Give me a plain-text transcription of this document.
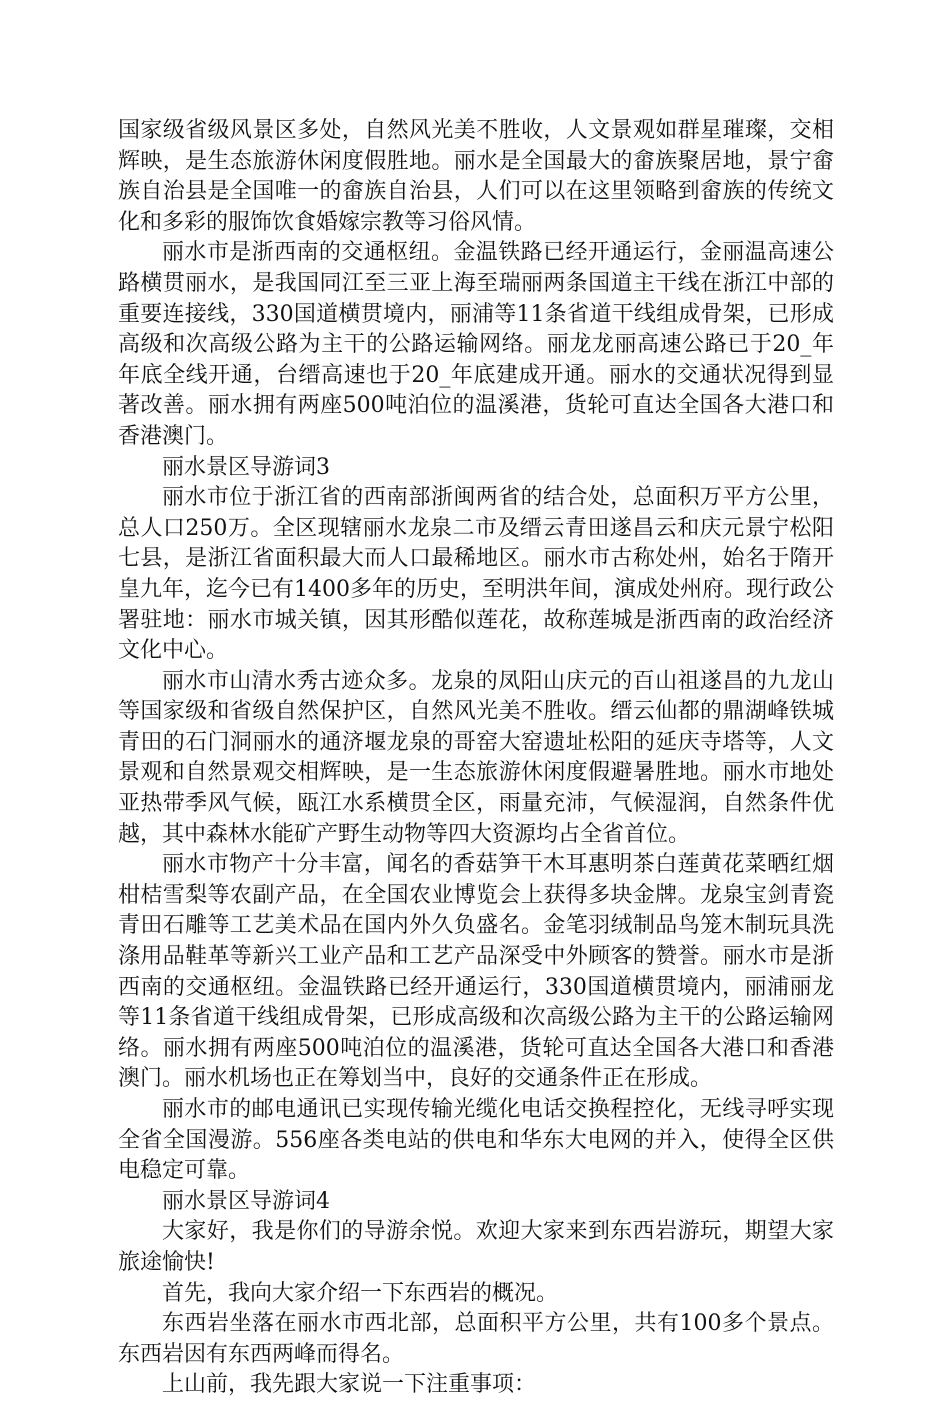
国家级省级风景区多处，自然风光美不胜收，人文景观如群星璀璨，交相辉映，是生态旅游休闲度假胜地。丽水是全国最大的畲族聚居地，景宁畲族自治县是全国唯一的畲族自治县，人们可以在这里领略到畲族的传统文化和多彩的服饰饮食婚嫁宗教等习俗风情。

丽水市是浙西南的交通枢纽。金温铁路已经开通运行，金丽温高速公路横贯丽水，是我国同江至三亚上海至瑞丽两条国道主干线在浙江中部的重要连接线，330国道横贯境内，丽浦等11条省道干线组成骨架，已形成高级和次高级公路为主干的公路运输网络。丽龙龙丽高速公路已于20_年年底全线开通，台缙高速也于20_年底建成开通。丽水的交通状况得到显著改善。丽水拥有两座500吨泊位的温溪港，货轮可直达全国各大港口和香港澳门。

丽水景区导游词3

丽水市位于浙江省的西南部浙闽两省的结合处，总面积万平方公里，总人口250万。全区现辖丽水龙泉二市及缙云青田遂昌云和庆元景宁松阳七县，是浙江省面积最大而人口最稀地区。丽水市古称处州，始名于隋开皇九年，迄今已有1400多年的历史，至明洪年间，演成处州府。现行政公署驻地：丽水市城关镇，因其形酷似莲花，故称莲城是浙西南的政治经济文化中心。

丽水市山清水秀古迹众多。龙泉的凤阳山庆元的百山祖遂昌的九龙山等国家级和省级自然保护区，自然风光美不胜收。缙云仙都的鼎湖峰铁城青田的石门洞丽水的通济堰龙泉的哥窑大窑遗址松阳的延庆寺塔等，人文景观和自然景观交相辉映，是一生态旅游休闲度假避暑胜地。丽水市地处亚热带季风气候，瓯江水系横贯全区，雨量充沛，气候湿润，自然条件优越，其中森林水能矿产野生动物等四大资源均占全省首位。

丽水市物产十分丰富，闻名的香菇笋干木耳惠明茶白莲黄花菜晒红烟柑桔雪梨等农副产品，在全国农业博览会上获得多块金牌。龙泉宝剑青瓷青田石雕等工艺美术品在国内外久负盛名。金笔羽绒制品鸟笼木制玩具洗涤用品鞋革等新兴工业产品和工艺产品深受中外顾客的赞誉。丽水市是浙西南的交通枢纽。金温铁路已经开通运行，330国道横贯境内，丽浦丽龙等11条省道干线组成骨架，已形成高级和次高级公路为主干的公路运输网络。丽水拥有两座500吨泊位的温溪港，货轮可直达全国各大港口和香港澳门。丽水机场也正在筹划当中，良好的交通条件正在形成。

丽水市的邮电通讯已实现传输光缆化电话交换程控化，无线寻呼实现全省全国漫游。556座各类电站的供电和华东大电网的并入，使得全区供电稳定可靠。

丽水景区导游词4

大家好，我是你们的导游余悦。欢迎大家来到东西岩游玩，期望大家旅途愉快!

首先，我向大家介绍一下东西岩的概况。

东西岩坐落在丽水市西北部，总面积平方公里，共有100多个景点。东西岩因有东西两峰而得名。

上山前，我先跟大家说一下注重事项：
